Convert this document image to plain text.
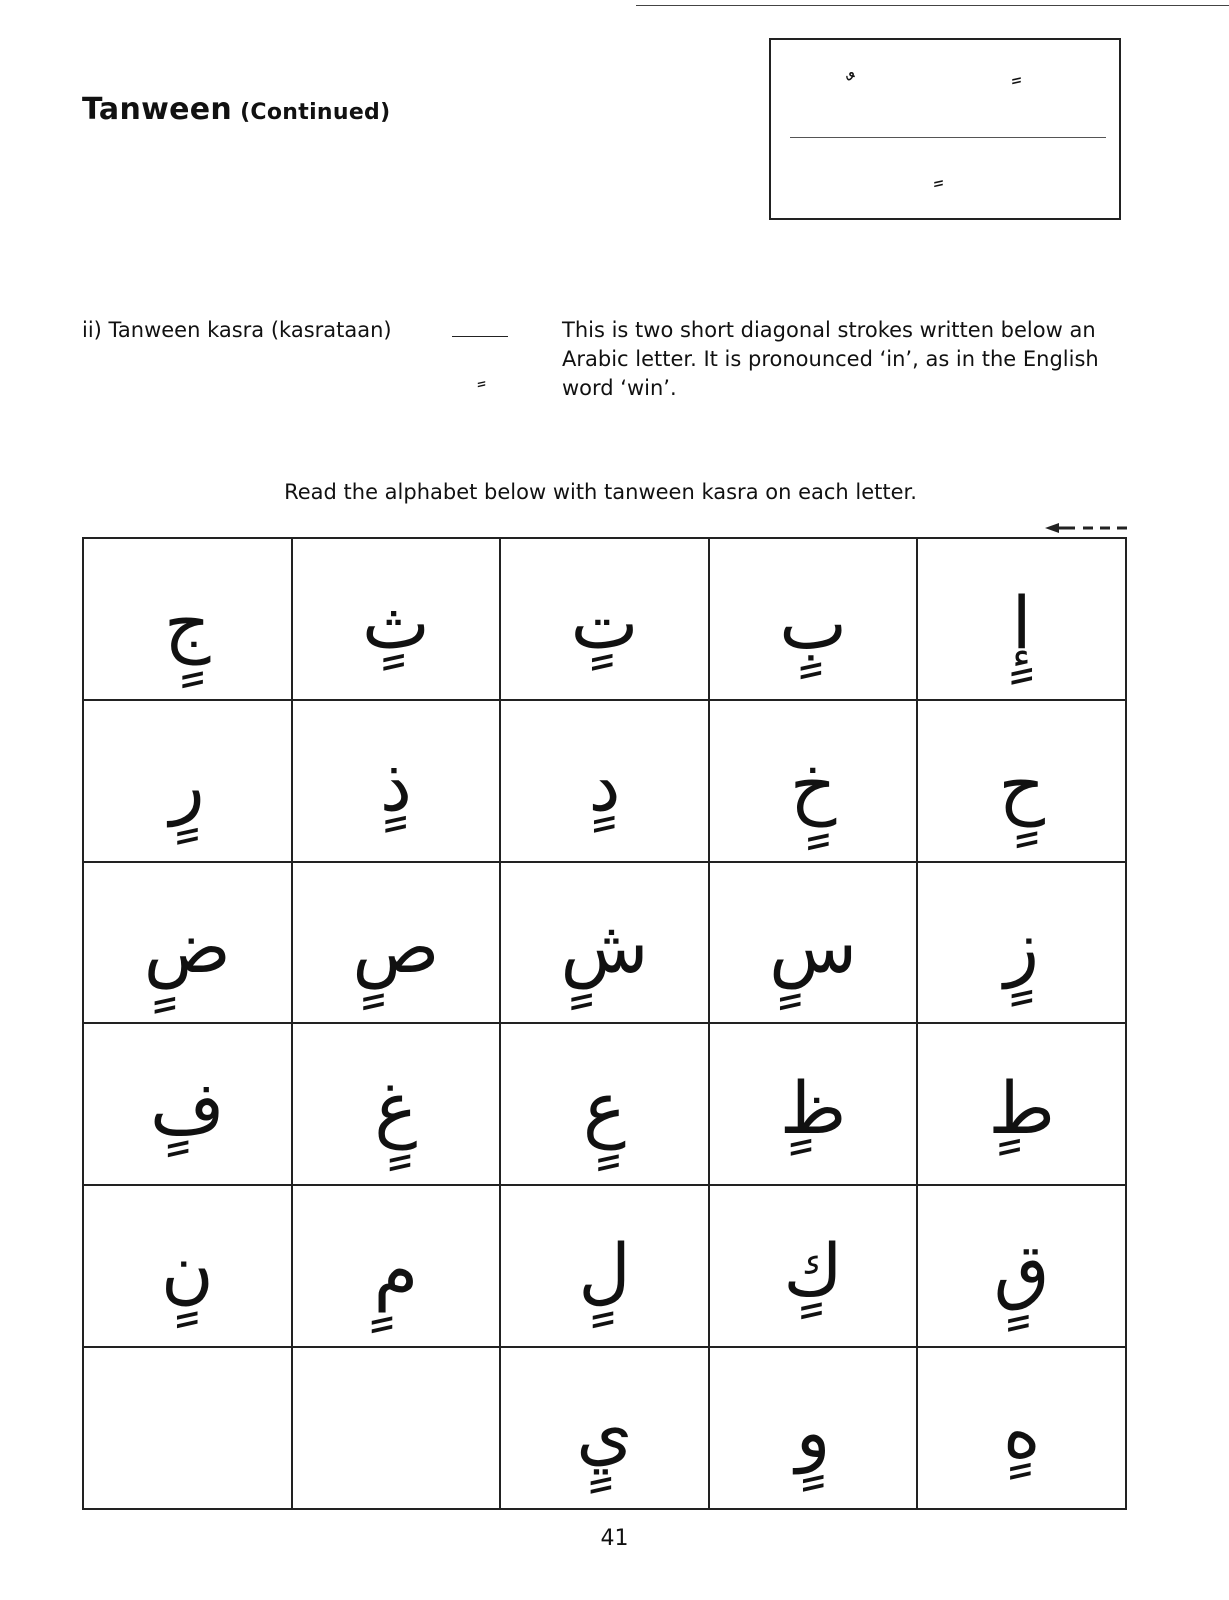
Tanween (Continued)
ii) Tanween kasra (kasrataan)	This is two short diagonal strokes written below an Arabic letter. It is pronounced ‘in’, as in the English word ‘win’.
Read the alphabet below with tanween kasra on each letter.
جٍ	ثٍ	تٍ	بٍ	إٍ
رٍ	ذٍ	دٍ	خٍ	حٍ
ضٍ	صٍ	شٍ	سٍ	زٍ
فٍ	غٍ	عٍ	ظٍ	طٍ
نٍ	مٍ	لٍ	كٍ	قٍ
		يٍ	وٍ	هٍ
41
